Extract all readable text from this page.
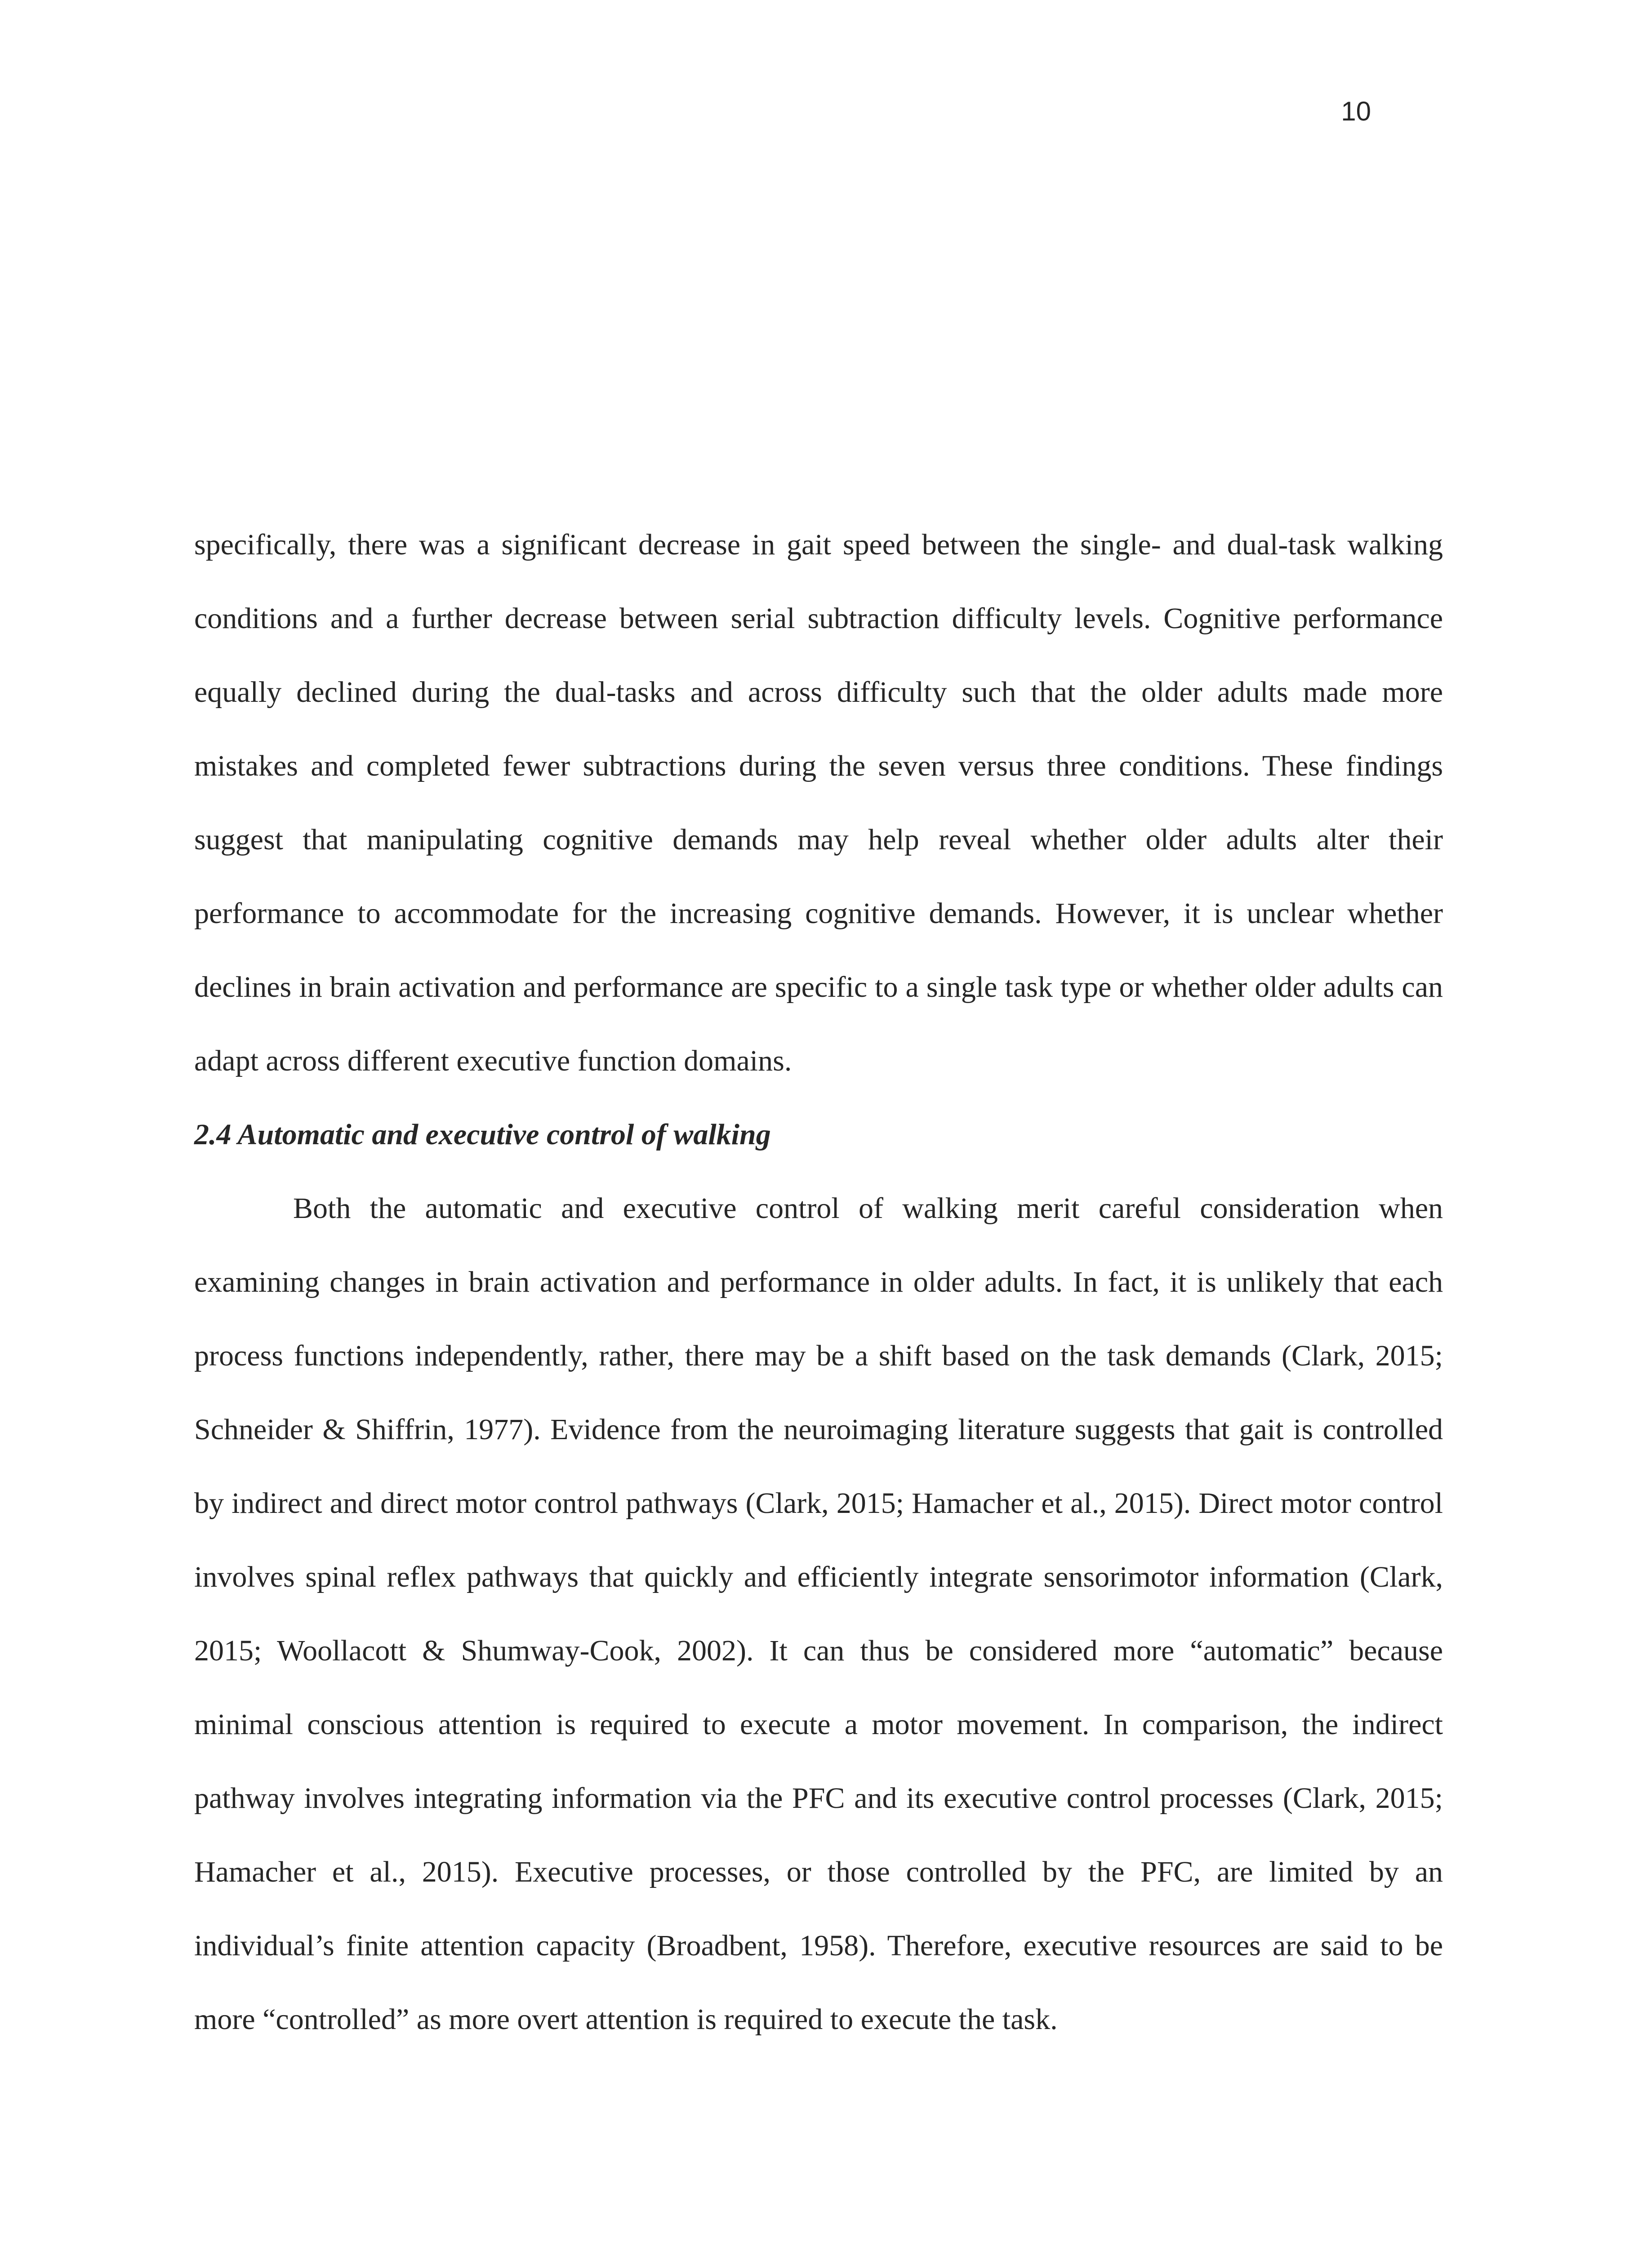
10

specifically, there was a significant decrease in gait speed between the single- and dual-task walking conditions and a further decrease between serial subtraction difficulty levels. Cognitive performance equally declined during the dual-tasks and across difficulty such that the older adults made more mistakes and completed fewer subtractions during the seven versus three conditions. These findings suggest that manipulating cognitive demands may help reveal whether older adults alter their performance to accommodate for the increasing cognitive demands. However, it is unclear whether declines in brain activation and performance are specific to a single task type or whether older adults can adapt across different executive function domains.

2.4 Automatic and executive control of walking

Both the automatic and executive control of walking merit careful consideration when examining changes in brain activation and performance in older adults. In fact, it is unlikely that each process functions independently, rather, there may be a shift based on the task demands (Clark, 2015; Schneider & Shiffrin, 1977). Evidence from the neuroimaging literature suggests that gait is controlled by indirect and direct motor control pathways (Clark, 2015; Hamacher et al., 2015). Direct motor control involves spinal reflex pathways that quickly and efficiently integrate sensorimotor information (Clark, 2015; Woollacott & Shumway-Cook, 2002). It can thus be considered more “automatic” because minimal conscious attention is required to execute a motor movement. In comparison, the indirect pathway involves integrating information via the PFC and its executive control processes (Clark, 2015; Hamacher et al., 2015). Executive processes, or those controlled by the PFC, are limited by an individual’s finite attention capacity (Broadbent, 1958). Therefore, executive resources are said to be more “controlled” as more overt attention is required to execute the task.
